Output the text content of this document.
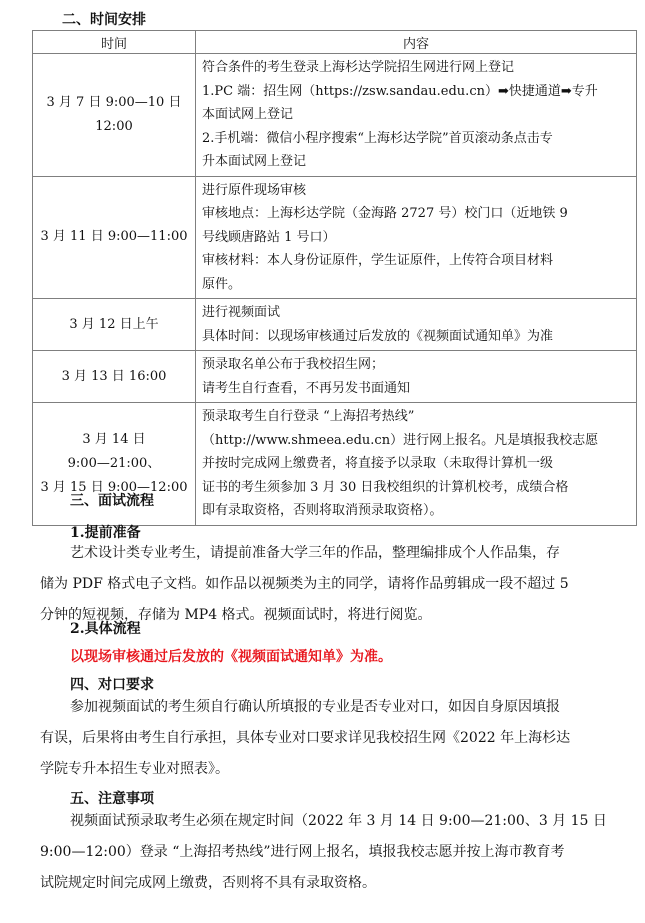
二、时间安排
时间	内容

3 月 7 日 9:00—10 日
12:00	符合条件的考生登录上海杉达学院招生网进行网上登记
1.PC 端：招生网（https://zsw.sandau.edu.cn）➡快捷通道➡专升
本面试网上登记
2.手机端：微信小程序搜索“上海杉达学院”首页滚动条点击专
升本面试网上登记

3 月 11 日 9:00—11:00	进行原件现场审核
审核地点：上海杉达学院（金海路 2727 号）校门口（近地铁 9
号线顾唐路站 1 号口）
审核材料：本人身份证原件，学生证原件，上传符合项目材料
原件。

3 月 12 日上午	进行视频面试
具体时间：以现场审核通过后发放的《视频面试通知单》为准

3 月 13 日 16:00	预录取名单公布于我校招生网；
请考生自行查看，不再另发书面通知

3 月 14 日
9:00—21:00、
3 月 15 日 9:00—12:00	预录取考生自行登录 “上海招考热线”
（http://www.shmeea.edu.cn）进行网上报名。凡是填报我校志愿
并按时完成网上缴费者，将直接予以录取（未取得计算机一级
证书的考生须参加 3 月 30 日我校组织的计算机校考，成绩合格
即有录取资格，否则将取消预录取资格）。
三、面试流程
1.提前准备
艺术设计类专业考生，请提前准备大学三年的作品，整理编排成个人作品集，存
储为 PDF 格式电子文档。如作品以视频类为主的同学，请将作品剪辑成一段不超过 5
分钟的短视频，存储为 MP4 格式。视频面试时，将进行阅览。
2.具体流程
以现场审核通过后发放的《视频面试通知单》为准。
四、对口要求
参加视频面试的考生须自行确认所填报的专业是否专业对口，如因自身原因填报
有误，后果将由考生自行承担，具体专业对口要求详见我校招生网《2022 年上海杉达
学院专升本招生专业对照表》。
五、注意事项
视频面试预录取考生必须在规定时间（2022 年 3 月 14 日 9:00—21:00、3 月 15 日
9:00—12:00）登录 “上海招考热线”进行网上报名，填报我校志愿并按上海市教育考
试院规定时间完成网上缴费，否则将不具有录取资格。
